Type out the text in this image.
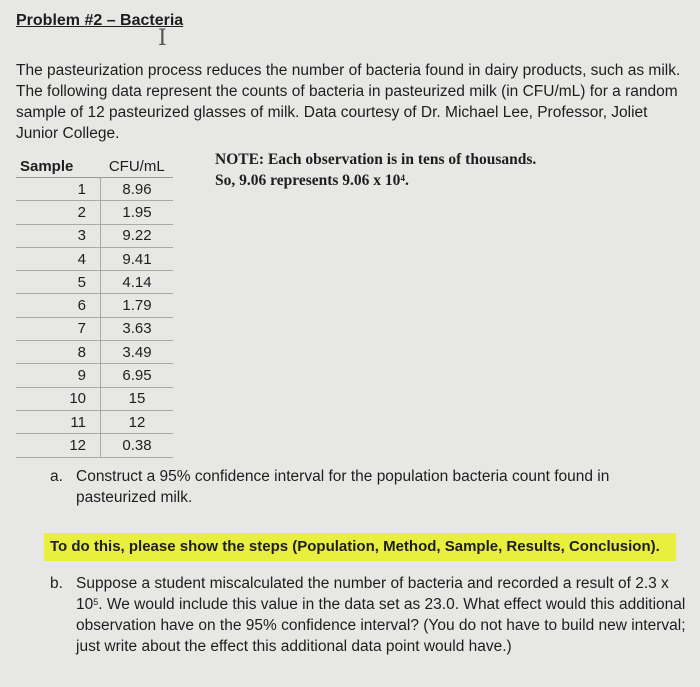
Problem #2 – Bacteria
I
The pasteurization process reduces the number of bacteria found in dairy products, such as milk. The following data represent the counts of bacteria in pasteurized milk (in CFU/mL) for a random sample of 12 pasteurized glasses of milk. Data courtesy of Dr. Michael Lee, Professor, Joliet Junior College.
Sample	CFU/mL
1	8.96
2	1.95
3	9.22
4	9.41
5	4.14
6	1.79
7	3.63
8	3.49
9	6.95
10	15
11	12
12	0.38
NOTE: Each observation is in tens of thousands. So, 9.06 represents 9.06 x $10^4$.
a. Construct a 95% confidence interval for the population bacteria count found in pasteurized milk.
To do this, please show the steps (Population, Method, Sample, Results, Conclusion).
b. Suppose a student miscalculated the number of bacteria and recorded a result of 2.3 x $10^5$. We would include this value in the data set as 23.0. What effect would this additional observation have on the 95% confidence interval? (You do not have to build new interval; just write about the effect this additional data point would have.)
